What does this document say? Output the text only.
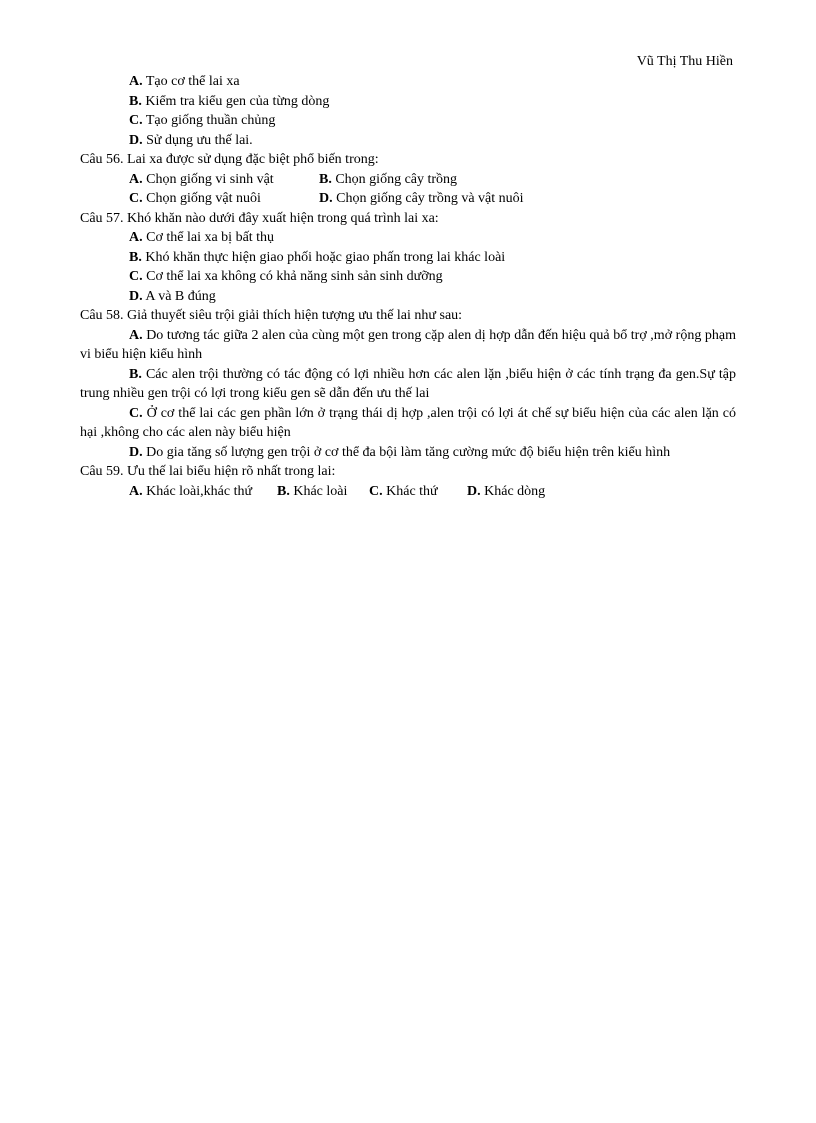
Vũ Thị Thu Hiền
A. Tạo cơ thể lai xa
B. Kiểm tra kiểu gen của từng dòng
C. Tạo giống thuần chủng
D. Sử dụng ưu thế lai.
Câu 56. Lai xa được sử dụng đặc biệt phổ biến trong:
A. Chọn giống vi sinh vật	B. Chọn giống cây trồng
C. Chọn giống vật nuôi	D. Chọn giống cây trồng và vật nuôi
Câu 57. Khó khăn nào dưới đây xuất hiện trong quá trình lai xa:
A. Cơ thể lai xa bị bất thụ
B. Khó khăn thực hiện giao phối hoặc giao phấn trong lai khác loài
C. Cơ thể lai xa không có khả năng sinh sản sinh dưỡng
D. A và B đúng
Câu 58. Giả thuyết siêu trội giải thích hiện tượng ưu thế lai như sau:
A. Do tương tác giữa 2 alen của cùng một gen trong cặp alen dị hợp dẫn đến hiệu quả bổ trợ ,mở rộng phạm vi biểu hiện kiểu hình
B. Các alen trội thường có tác động có lợi nhiều hơn các alen lặn ,biểu hiện ở các tính trạng đa gen.Sự tập trung nhiều gen trội có lợi trong kiểu gen sẽ dẫn đến ưu thế lai
C. Ở cơ thể lai các gen phần lớn ở trạng thái dị hợp ,alen trội có lợi át chế sự biểu hiện của các alen lặn có hại ,không cho các alen này biểu hiện
D. Do gia tăng số lượng gen trội ở cơ thể đa bội làm tăng cường mức độ biểu hiện trên kiểu hình
Câu 59. Ưu thế lai biểu hiện rõ nhất trong lai:
A. Khác loài,khác thứ B. Khác loài C. Khác thứ D. Khác dòng
